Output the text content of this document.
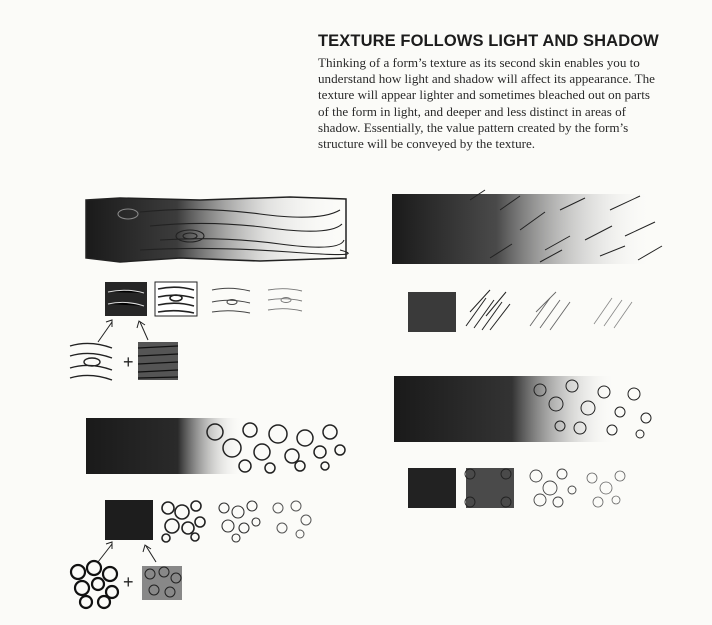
TEXTURE FOLLOWS LIGHT AND SHADOW

Thinking of a form’s texture as its second skin enables you to understand how light and shadow will affect its appearance. The texture will appear lighter and sometimes bleached out on parts of the form in light, and deeper and less distinct in areas of shadow. Essentially, the value pattern created by the form’s structure will be conveyed by the texture.

+
+
